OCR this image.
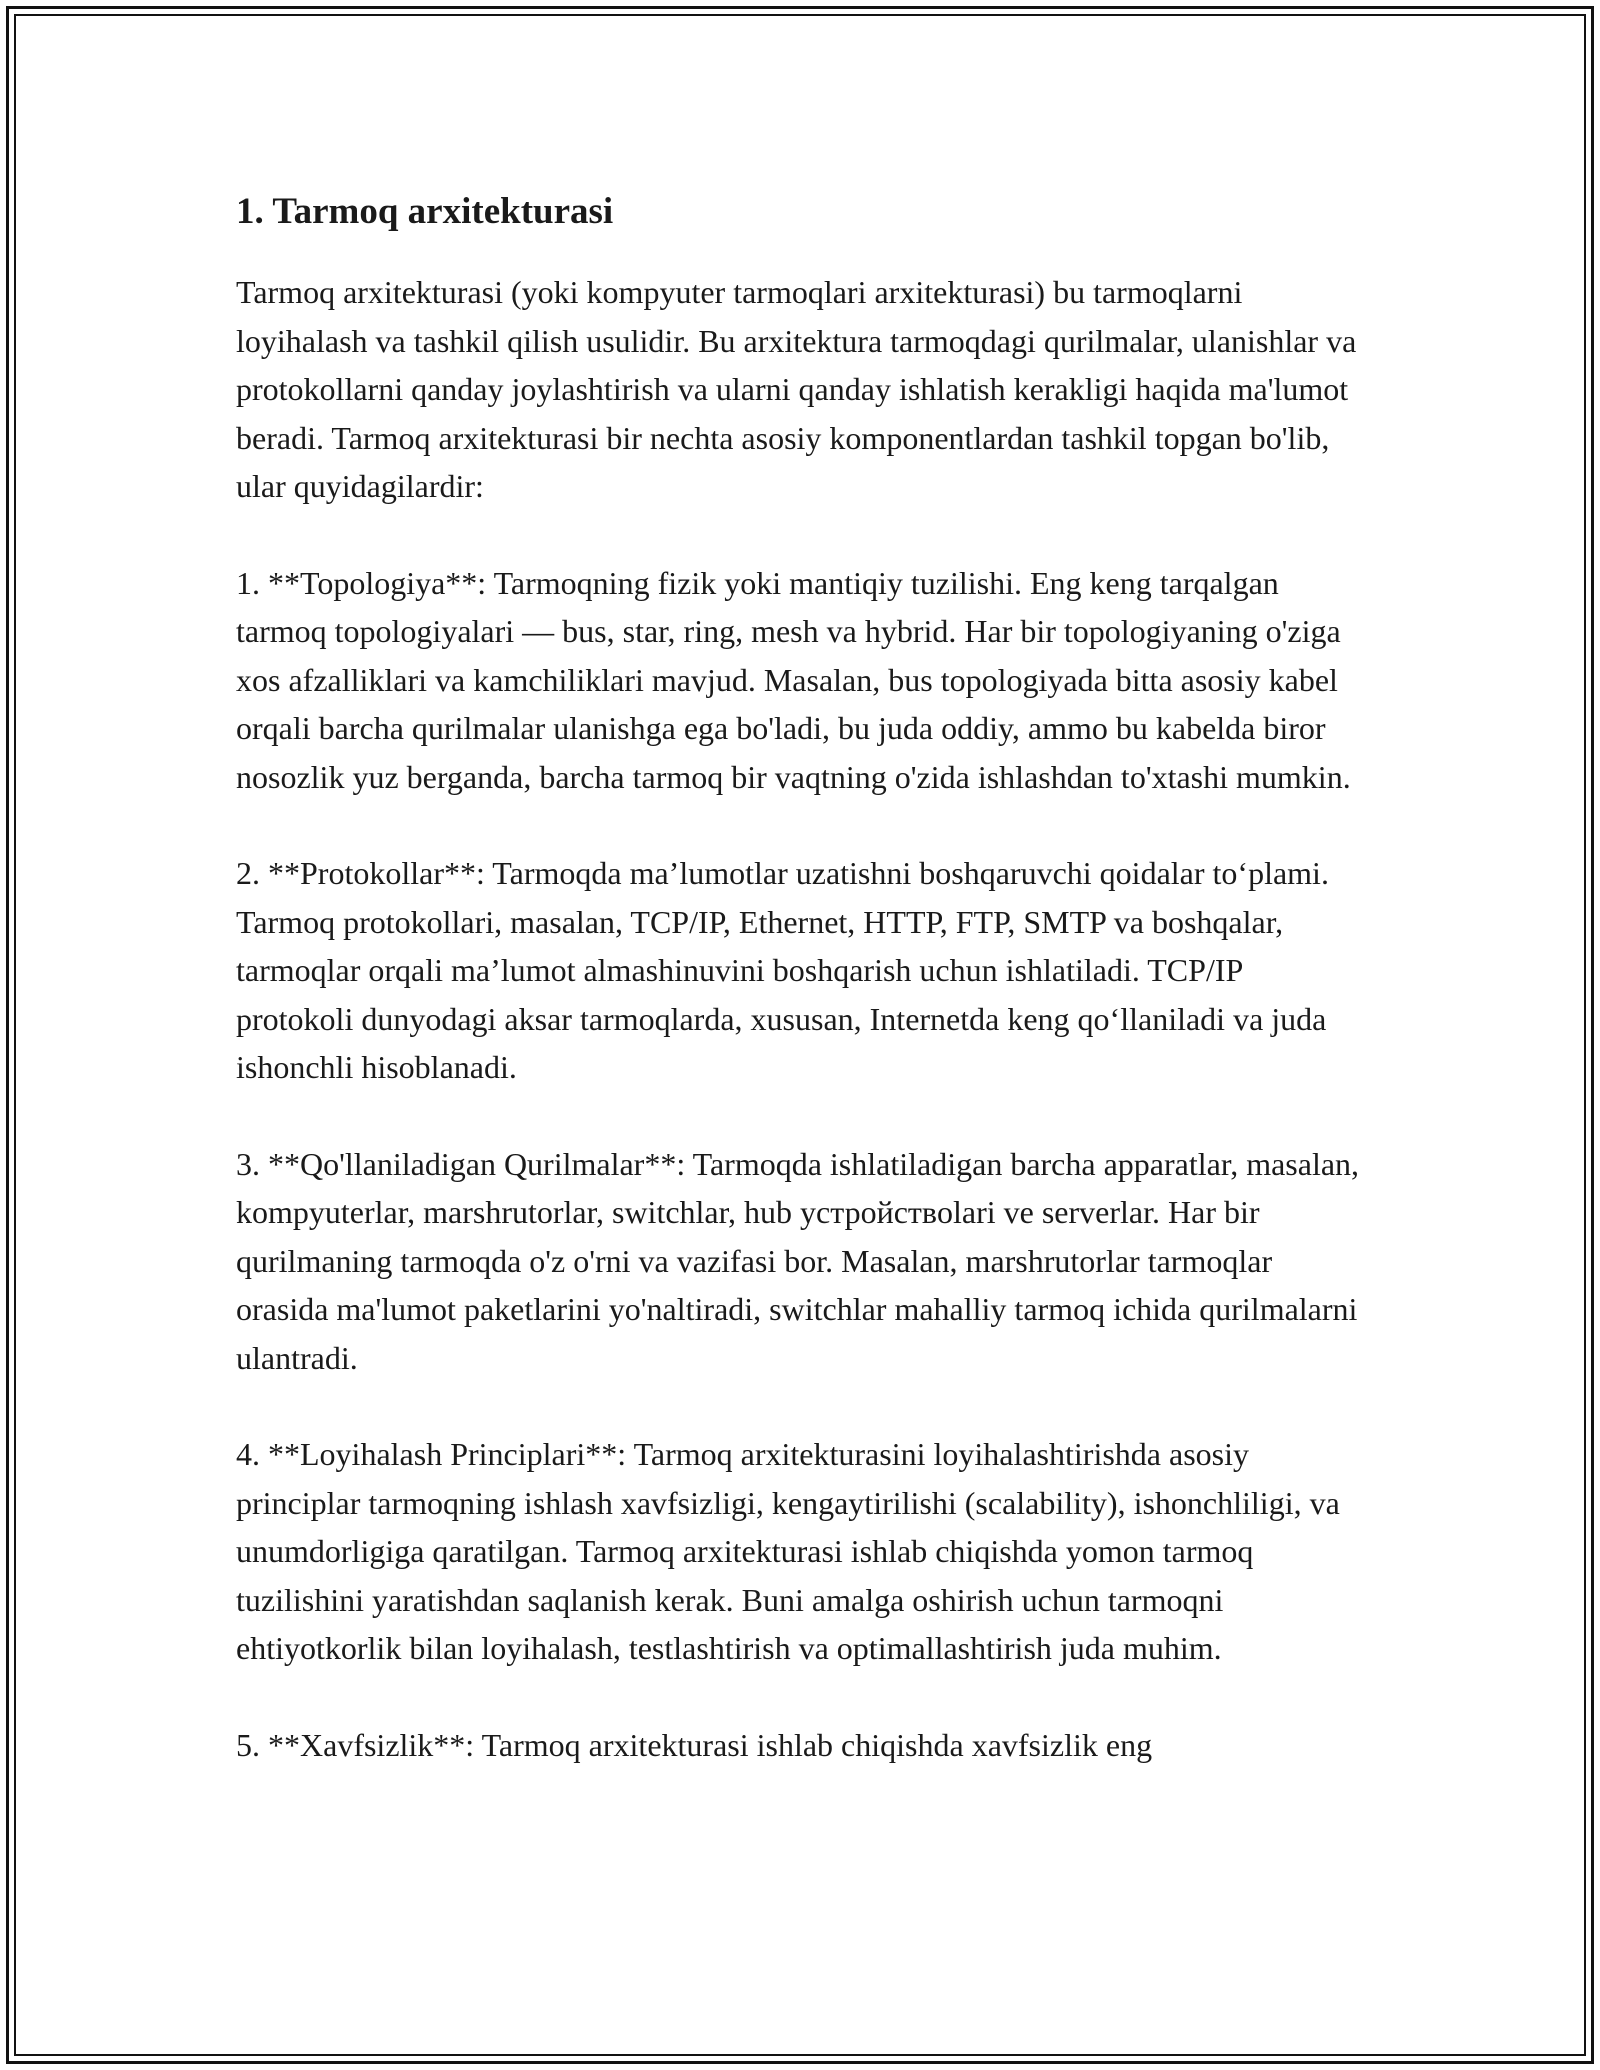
1. Tarmoq arxitekturasi

Tarmoq arxitekturasi (yoki kompyuter tarmoqlari arxitekturasi) bu tarmoqlarni loyihalash va tashkil qilish usulidir. Bu arxitektura tarmoqdagi qurilmalar, ulanishlar va protokollarni qanday joylashtirish va ularni qanday ishlatish kerakligi haqida ma'lumot beradi. Tarmoq arxitekturasi bir nechta asosiy komponentlardan tashkil topgan bo'lib, ular quyidagilardir:

1. **Topologiya**: Tarmoqning fizik yoki mantiqiy tuzilishi. Eng keng tarqalgan tarmoq topologiyalari — bus, star, ring, mesh va hybrid. Har bir topologiyaning o'ziga xos afzalliklari va kamchiliklari mavjud. Masalan, bus topologiyada bitta asosiy kabel orqali barcha qurilmalar ulanishga ega bo'ladi, bu juda oddiy, ammo bu kabelda biror nosozlik yuz berganda, barcha tarmoq bir vaqtning o'zida ishlashdan to'xtashi mumkin.

2. **Protokollar**: Tarmoqda ma’lumotlar uzatishni boshqaruvchi qoidalar to‘plami. Tarmoq protokollari, masalan, TCP/IP, Ethernet, HTTP, FTP, SMTP va boshqalar, tarmoqlar orqali ma’lumot almashinuvini boshqarish uchun ishlatiladi. TCP/IP protokoli dunyodagi aksar tarmoqlarda, xususan, Internetda keng qo‘llaniladi va juda ishonchli hisoblanadi.

3. **Qo'llaniladigan Qurilmalar**: Tarmoqda ishlatiladigan barcha apparatlar, masalan, kompyuterlar, marshrutorlar, switchlar, hub устройствolari ve serverlar. Har bir qurilmaning tarmoqda o'z o'rni va vazifasi bor. Masalan, marshrutorlar tarmoqlar orasida ma'lumot paketlarini yo'naltiradi, switchlar mahalliy tarmoq ichida qurilmalarni ulantradi.

4. **Loyihalash Principlari**: Tarmoq arxitekturasini loyihalashtirishda asosiy principlar tarmoqning ishlash xavfsizligi, kengaytirilishi (scalability), ishonchliligi, va unumdorligiga qaratilgan. Tarmoq arxitekturasi ishlab chiqishda yomon tarmoq tuzilishini yaratishdan saqlanish kerak. Buni amalga oshirish uchun tarmoqni ehtiyotkorlik bilan loyihalash, testlashtirish va optimallashtirish juda muhim.

5. **Xavfsizlik**: Tarmoq arxitekturasi ishlab chiqishda xavfsizlik eng
